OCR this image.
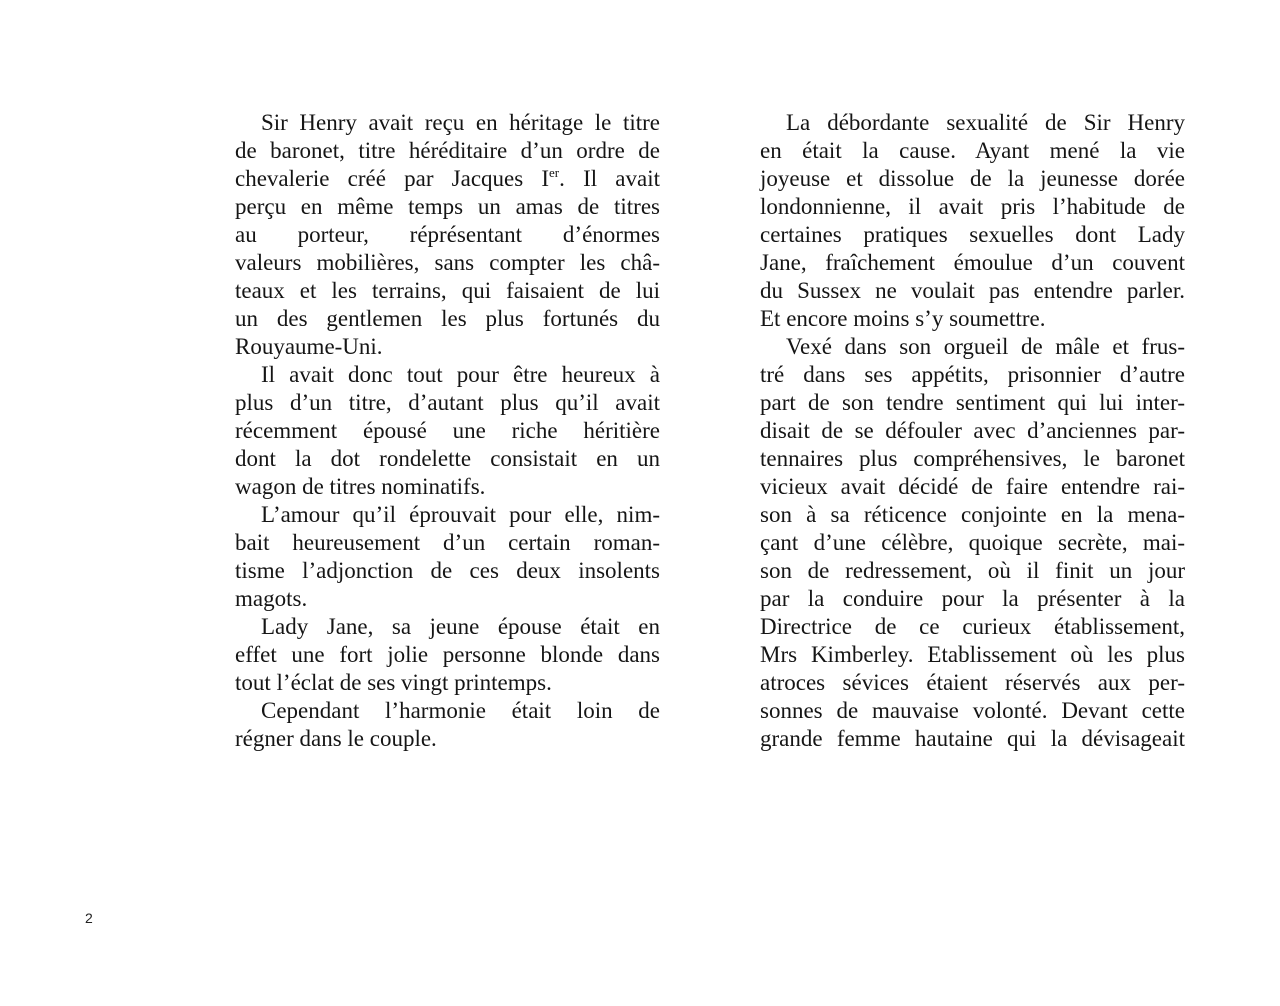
Sir Henry avait reçu en héritage le titre
de baronet, titre héréditaire d’un ordre de
chevalerie créé par Jacques Ier. Il avait
perçu en même temps un amas de titres
au porteur, réprésentant d’énormes
valeurs mobilières, sans compter les châ-
teaux et les terrains, qui faisaient de lui
un des gentlemen les plus fortunés du
Rouyaume-Uni.
Il avait donc tout pour être heureux à
plus d’un titre, d’autant plus qu’il avait
récemment épousé une riche héritière
dont la dot rondelette consistait en un
wagon de titres nominatifs.
L’amour qu’il éprouvait pour elle, nim-
bait heureusement d’un certain roman-
tisme l’adjonction de ces deux insolents
magots.
Lady Jane, sa jeune épouse était en
effet une fort jolie personne blonde dans
tout l’éclat de ses vingt printemps.
Cependant l’harmonie était loin de
régner dans le couple.
La débordante sexualité de Sir Henry
en était la cause. Ayant mené la vie
joyeuse et dissolue de la jeunesse dorée
londonnienne, il avait pris l’habitude de
certaines pratiques sexuelles dont Lady
Jane, fraîchement émoulue d’un couvent
du Sussex ne voulait pas entendre parler.
Et encore moins s’y soumettre.
Vexé dans son orgueil de mâle et frus-
tré dans ses appétits, prisonnier d’autre
part de son tendre sentiment qui lui inter-
disait de se défouler avec d’anciennes par-
tennaires plus compréhensives, le baronet
vicieux avait décidé de faire entendre rai-
son à sa réticence conjointe en la mena-
çant d’une célèbre, quoique secrète, mai-
son de redressement, où il finit un jour
par la conduire pour la présenter à la
Directrice de ce curieux établissement,
Mrs Kimberley. Etablissement où les plus
atroces sévices étaient réservés aux per-
sonnes de mauvaise volonté. Devant cette
grande femme hautaine qui la dévisageait
2
